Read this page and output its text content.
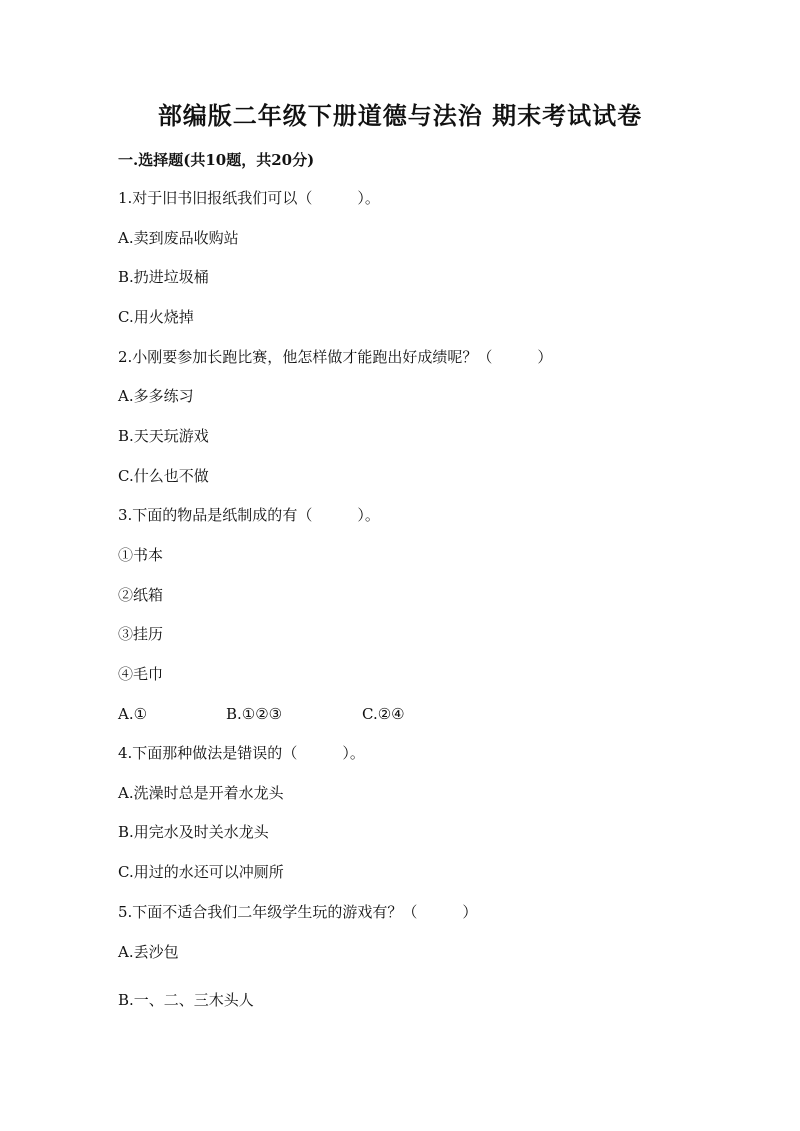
部编版二年级下册道德与法治 期末考试试卷
一.选择题(共10题，共20分)
1.对于旧书旧报纸我们可以（　　　）。
A.卖到废品收购站
B.扔进垃圾桶
C.用火烧掉
2.小刚要参加长跑比赛，他怎样做才能跑出好成绩呢？（　　　）
A.多多练习
B.天天玩游戏
C.什么也不做
3.下面的物品是纸制成的有（　　　）。
①书本
②纸箱
③挂历
④毛巾
A.①	B.①②③	C.②④
4.下面那种做法是错误的（　　　）。
A.洗澡时总是开着水龙头
B.用完水及时关水龙头
C.用过的水还可以冲厕所
5.下面不适合我们二年级学生玩的游戏有？（　　　）
A.丢沙包
B.一、二、三木头人
